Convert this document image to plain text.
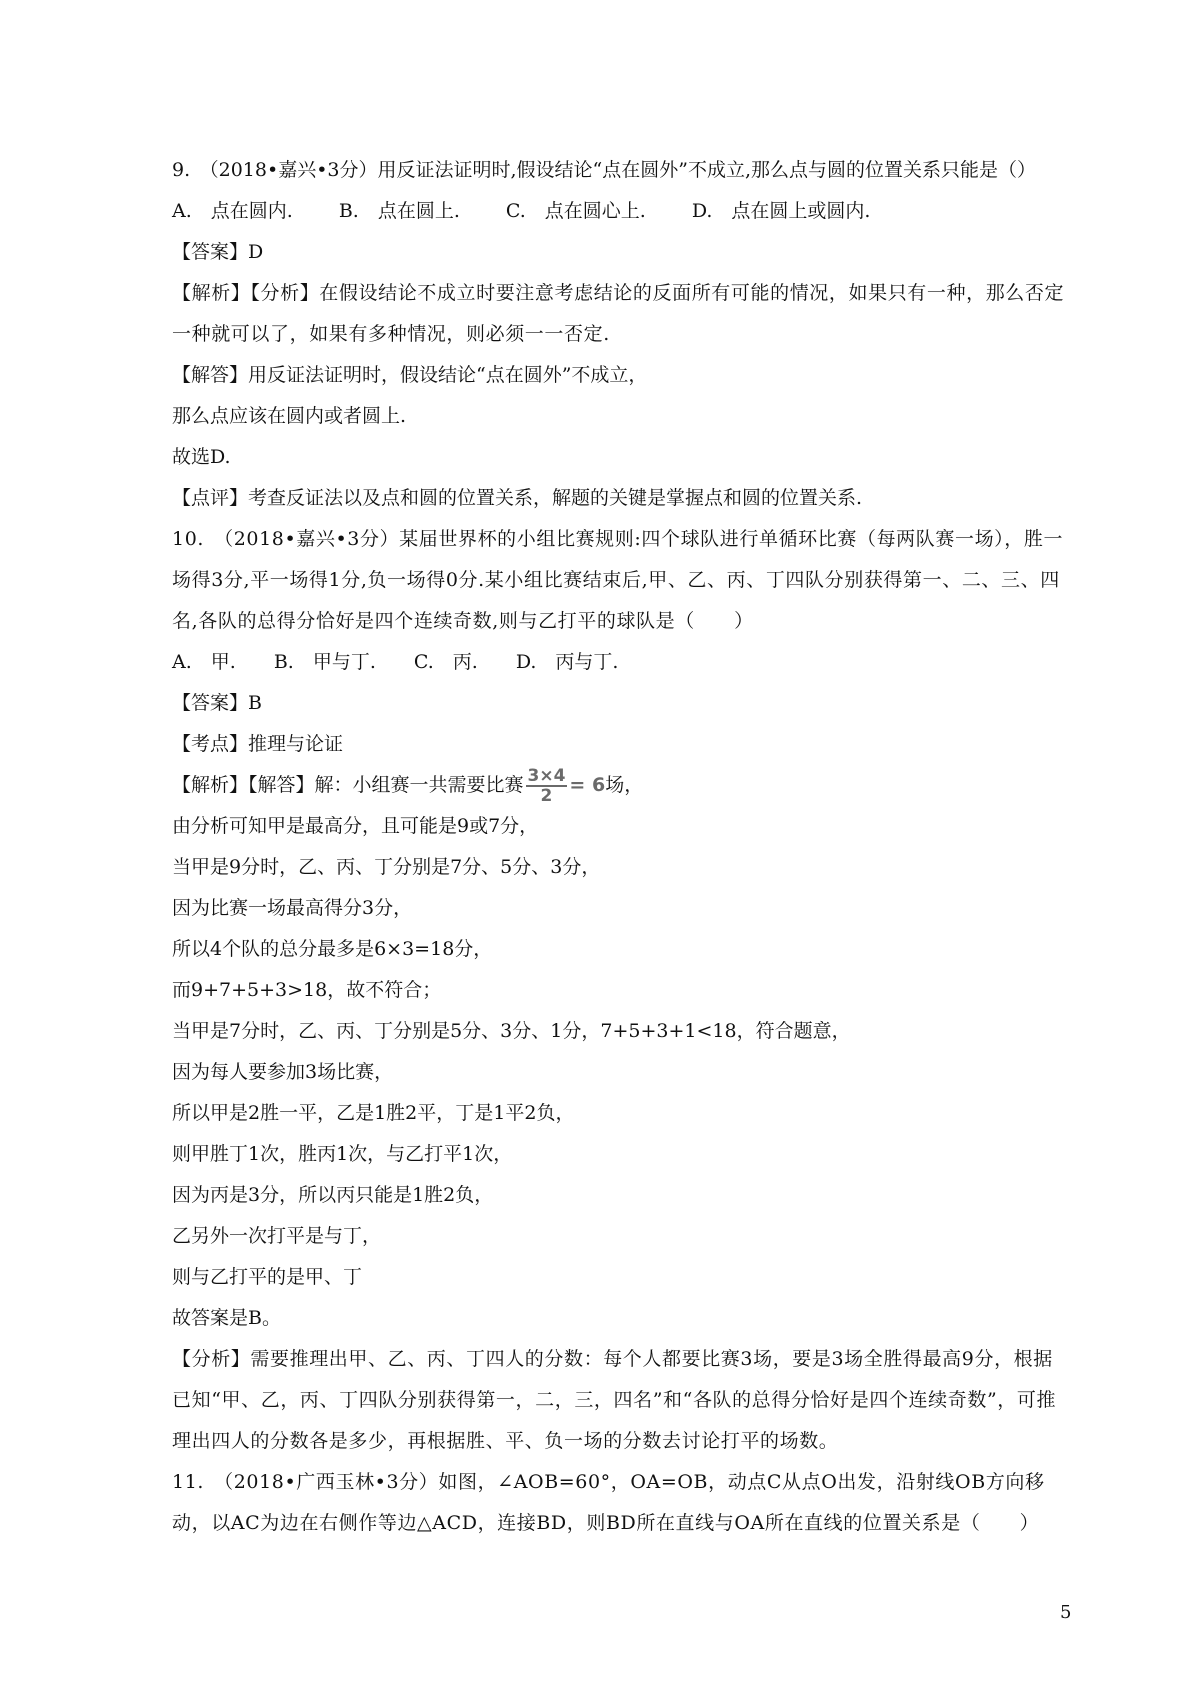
9.　（2018•嘉兴•3分）用反证法证明时,假设结论“点在圆外”不成立,那么点与圆的位置关系只能是（）
A.　点在圆内. B.　点在圆上. C.　点在圆心上. D.　点在圆上或圆内.
【答案】D
【解析】【分析】在假设结论不成立时要注意考虑结论的反面所有可能的情况，如果只有一种，那么否定一种就可以了，如果有多种情况，则必须一一否定.
【解答】用反证法证明时，假设结论“点在圆外”不成立，
那么点应该在圆内或者圆上.
故选D.
【点评】考查反证法以及点和圆的位置关系，解题的关键是掌握点和圆的位置关系.
10.　（2018•嘉兴•3分）某届世界杯的小组比赛规则:四个球队进行单循环比赛（每两队赛一场），胜一场得3分,平一场得1分,负一场得0分.某小组比赛结束后,甲、乙、丙、丁四队分别获得第一、二、三、四名,各队的总得分恰好是四个连续奇数,则与乙打平的球队是（　　）
A.　甲. B.　甲与丁. C.　丙. D.　丙与丁.
【答案】B
【考点】推理与论证
【解析】【解答】解：小组赛一共需要比赛 $\frac{3\times 4}{2} = 6$场，
由分析可知甲是最高分，且可能是9或7分，
当甲是9分时，乙、丙、丁分别是7分、5分、3分，
因为比赛一场最高得分3分，
所以4个队的总分最多是6×3=18分，
而9+7+5+3>18，故不符合；
当甲是7分时，乙、丙、丁分别是5分、3分、1分，7+5+3+1<18，符合题意，
因为每人要参加3场比赛，
所以甲是2胜一平，乙是1胜2平，丁是1平2负，
则甲胜丁1次，胜丙1次，与乙打平1次，
因为丙是3分，所以丙只能是1胜2负，
乙另外一次打平是与丁，
则与乙打平的是甲、丁
故答案是B。
【分析】需要推理出甲、乙、丙、丁四人的分数：每个人都要比赛3场，要是3场全胜得最高9分，根据已知“甲、乙，丙、丁四队分别获得第一，二，三，四名”和“各队的总得分恰好是四个连续奇数”，可推理出四人的分数各是多少，再根据胜、平、负一场的分数去讨论打平的场数。
11.　（2018•广西玉林•3分）如图，∠AOB=60°，OA=OB，动点C从点O出发，沿射线OB方向移动，以AC为边在右侧作等边△ACD，连接BD，则BD所在直线与OA所在直线的位置关系是（　　）
5
